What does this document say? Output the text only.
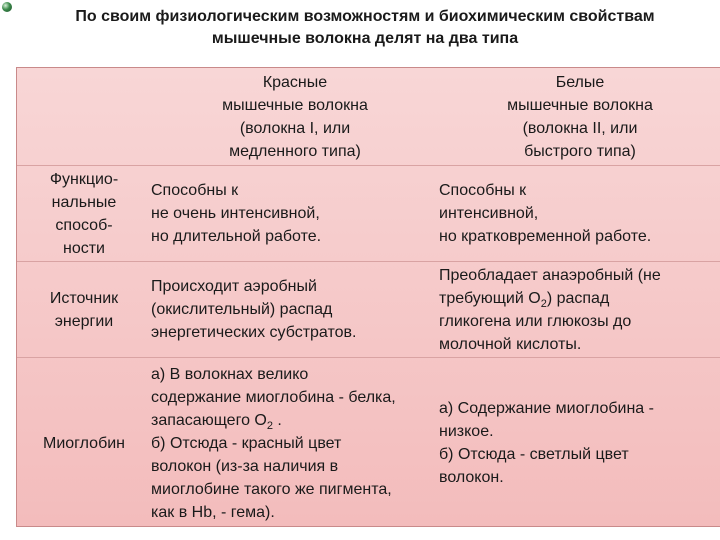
По своим физиологическим возможностям и биохимическим свойствам
мышечные волокна делят на два типа
Красные
мышечные волокна
(волокна I, или
медленного типа)
Белые
мышечные волокна
(волокна II, или
быстрого типа)
Функцио-
нальные
способ-
ности
Способны к
не очень интенсивной,
но длительной работе.
Способны к
интенсивной,
но кратковременной работе.
Источник
энергии
Происходит аэробный
(окислительный) распад
энергетических субстратов.
Преобладает анаэробный (не
требующий $О_2$) распад
гликогена или глюкозы до
молочной кислоты.
Миоглобин
а) В волокнах велико
содержание миоглобина - белка,
запасающего $О_2$ .
б) Отсюда - красный цвет
волокон (из-за наличия в
миоглобине такого же пигмента,
как в Hb, - гема).
а) Содержание миоглобина -
низкое.
б) Отсюда - светлый цвет
волокон.
